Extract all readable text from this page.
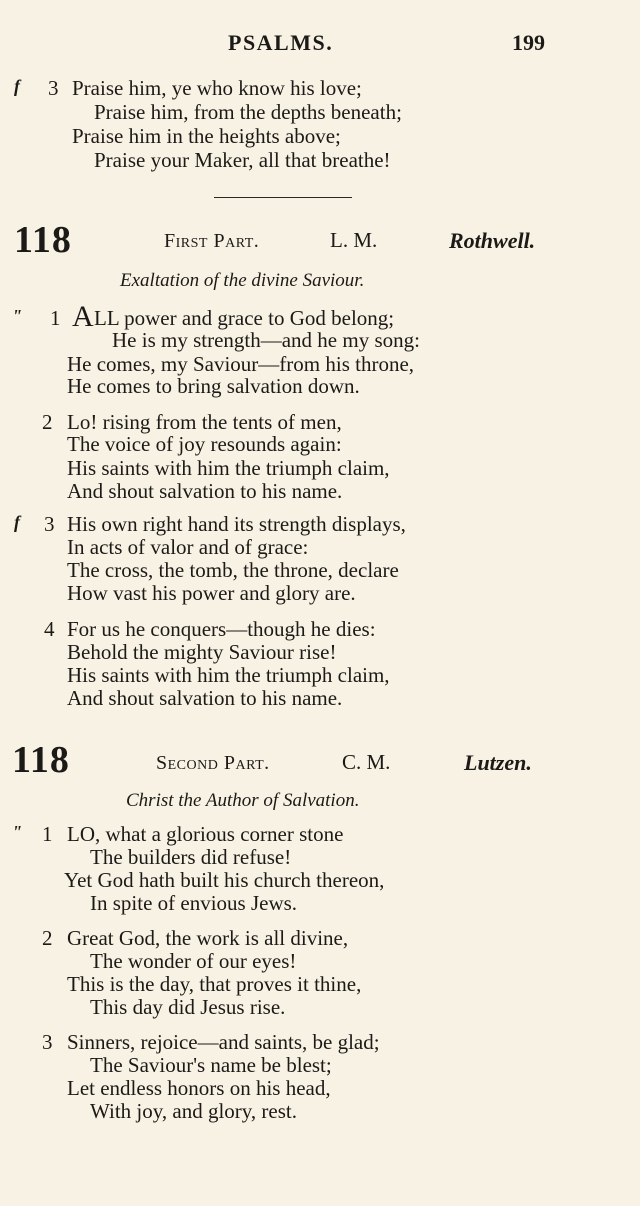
PSALMS.	199
f 3 Praise him, ye who know his love;
Praise him, from the depths beneath;
Praise him in the heights above;
Praise your Maker, all that breathe!
118	First Part.	L. M.	Rothwell.
Exaltation of the divine Saviour.
" 1 A LL power and grace to God belong;
He is my strength—and he my song:
He comes, my Saviour—from his throne,
He comes to bring salvation down.
2 Lo! rising from the tents of men,
The voice of joy resounds again:
His saints with him the triumph claim,
And shout salvation to his name.
f 3 His own right hand its strength displays,
In acts of valor and of grace:
The cross, the tomb, the throne, declare
How vast his power and glory are.
4 For us he conquers—though he dies:
Behold the mighty Saviour rise!
His saints with him the triumph claim,
And shout salvation to his name.
118	Second Part.	C. M.	Lutzen.
Christ the Author of Salvation.
" 1 LO, what a glorious corner stone
The builders did refuse!
Yet God hath built his church thereon,
In spite of envious Jews.
2 Great God, the work is all divine,
The wonder of our eyes!
This is the day, that proves it thine,
This day did Jesus rise.
3 Sinners, rejoice—and saints, be glad;
The Saviour's name be blest;
Let endless honors on his head,
With joy, and glory, rest.
